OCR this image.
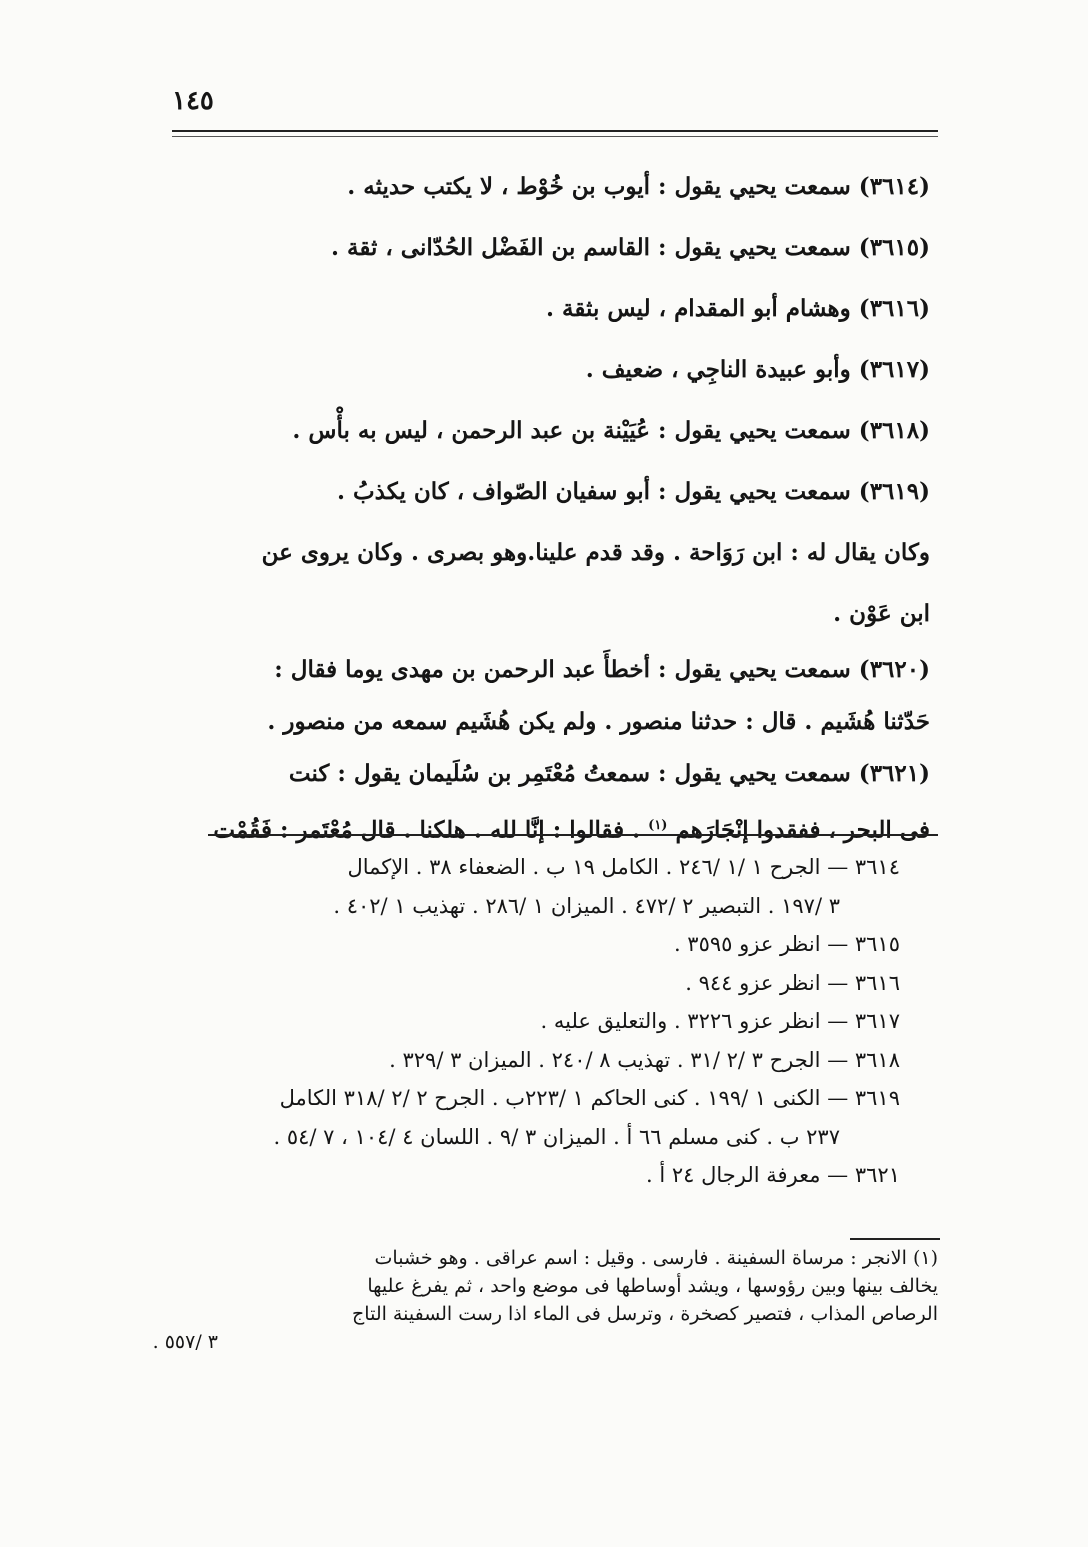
١٤٥
(٣٦١٤) سمعت يحيي يقول : أيوب بن خُوْط ، لا يكتب حديثه .
(٣٦١٥) سمعت يحيي يقول : القاسم بن الفَضْل الحُدّانى ، ثقة .
(٣٦١٦) وهشام أبو المقدام ، ليس بثقة .
(٣٦١٧) وأبو عبيدة الناجِي ، ضعيف .
(٣٦١٨) سمعت يحيي يقول : عُيَيْنة بن عبد الرحمن ، ليس به بأْس .
(٣٦١٩) سمعت يحيي يقول : أبو سفيان الصّواف ، كان يكذبُ .
وكان يقال له : ابن رَوَاحة . وقد قدم علينا.وهو بصرى . وكان يروى عن
ابن عَوْن .
(٣٦٢٠) سمعت يحيي يقول : أخطأَ عبد الرحمن بن مهدى يوما فقال :
حَدّثنا هُشَيم . قال : حدثنا منصور . ولم يكن هُشَيم سمعه من منصور .
(٣٦٢١) سمعت يحيي يقول : سمعتُ مُعْتَمِر بن سُلَيمان يقول : كنت
فى البحر ، ففقدوا إنْجَارَهم $^{(١)}$ . فقالوا : إنَّا لله . هلكنا . قال مُعْتَمر : فَقُمْت
٣٦١٤ — الجرح ١ /١ /٢٤٦ . الكامل ١٩ ب . الضعفاء ٣٨ . الإكمال
٣ /١٩٧ . التبصير ٢ /٤٧٢ . الميزان ١ /٢٨٦ . تهذيب ١ /٤٠٢ .
٣٦١٥ — انظر عزو ٣٥٩٥ .
٣٦١٦ — انظر عزو ٩٤٤ .
٣٦١٧ — انظر عزو ٣٢٢٦ . والتعليق عليه .
٣٦١٨ — الجرح ٣ /٢ /٣١ . تهذيب ٨ /٢٤٠ . الميزان ٣ /٣٢٩ .
٣٦١٩ — الكنى ١ /١٩٩ . كنى الحاكم ١ /٢٢٣ب . الجرح ٢ /٢ /٣١٨ الكامل
٢٣٧ ب . كنى مسلم ٦٦ أ . الميزان ٣ /٩ . اللسان ٤ /١٠٤ ، ٧ /٥٤ .
٣٦٢١ — معرفة الرجال ٢٤ أ .
(١) الانجر : مرساة السفينة . فارسى . وقيل : اسم عراقى . وهو خشبات
يخالف بينها وبين رؤوسها ، ويشد أوساطها فى موضع واحد ، ثم يفرغ عليها
الرصاص المذاب ، فتصير كصخرة ، وترسل فى الماء اذا رست السفينة التاج
٣ /٥٥٧ .
